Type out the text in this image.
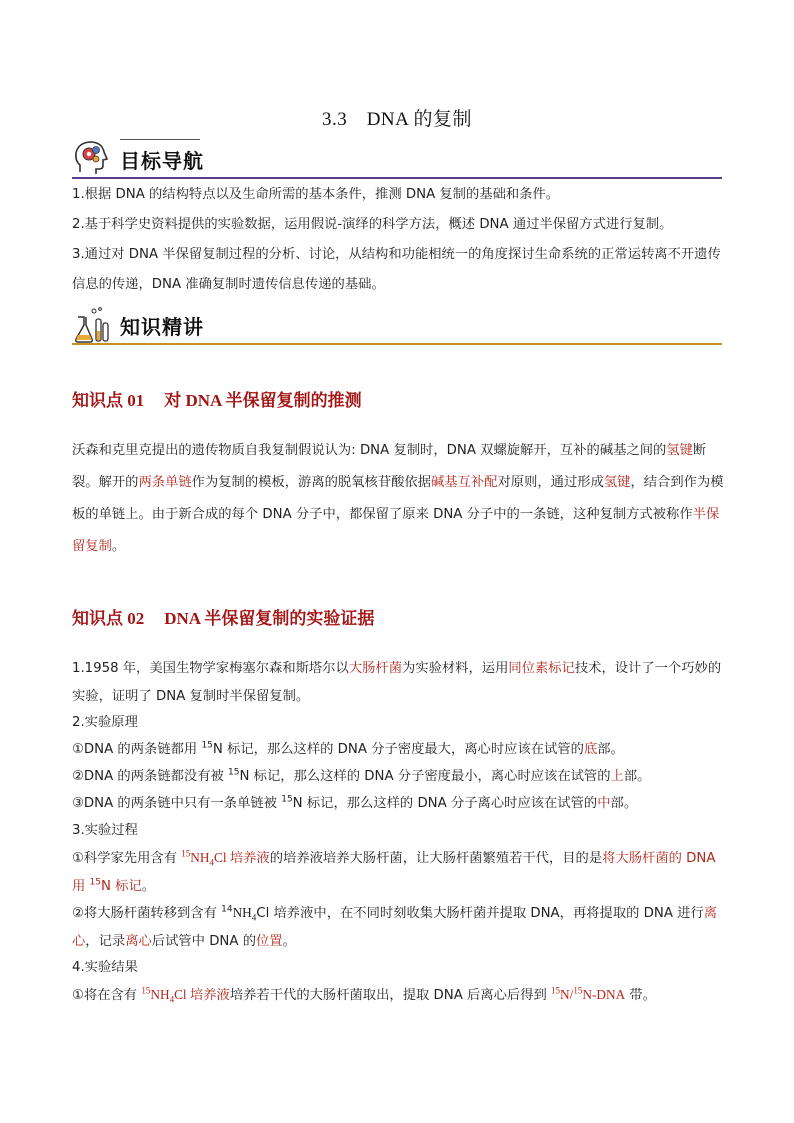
3.3　DNA 的复制
目标导航
1.根据 DNA 的结构特点以及生命所需的基本条件，推测 DNA 复制的基础和条件。
2.基于科学史资料提供的实验数据，运用假说-演绎的科学方法，概述 DNA 通过半保留方式进行复制。
3.通过对 DNA 半保留复制过程的分析、讨论，从结构和功能相统一的角度探讨生命系统的正常运转离不开遗传信息的传递，DNA 准确复制时遗传信息传递的基础。
知识精讲
知识点 01 对 DNA 半保留复制的推测
沃森和克里克提出的遗传物质自我复制假说认为: DNA 复制时，DNA 双螺旋解开，互补的碱基之间的氢键断裂。解开的两条单链作为复制的模板，游离的脱氧核苷酸依据碱基互补配对原则，通过形成氢键，结合到作为模板的单链上。由于新合成的每个 DNA 分子中，都保留了原来 DNA 分子中的一条链，这种复制方式被称作半保留复制。
知识点 02 DNA 半保留复制的实验证据
1.1958 年，美国生物学家梅塞尔森和斯塔尔以大肠杆菌为实验材料，运用同位素标记技术，设计了一个巧妙的实验，证明了 DNA 复制时半保留复制。
2.实验原理
①DNA 的两条链都用 $^{15}$N 标记，那么这样的 DNA 分子密度最大，离心时应该在试管的底部。
②DNA 的两条链都没有被 $^{15}$N 标记，那么这样的 DNA 分子密度最小，离心时应该在试管的上部。
③DNA 的两条链中只有一条单链被 $^{15}$N 标记，那么这样的 DNA 分子离心时应该在试管的中部。
3.实验过程
①科学家先用含有 $^{15}NH_4Cl$ 培养液的培养液培养大肠杆菌，让大肠杆菌繁殖若干代，目的是将大肠杆菌的 DNA 用 $^{15}$N 标记。
②将大肠杆菌转移到含有 $^{14}NH_4Cl$ 培养液中，在不同时刻收集大肠杆菌并提取 DNA，再将提取的 DNA 进行离心，记录离心后试管中 DNA 的位置。
4.实验结果
①将在含有 $^{15}NH_4Cl$ 培养液培养若干代的大肠杆菌取出，提取 DNA 后离心后得到 $^{15}$N/$^{15}$N-DNA 带。
